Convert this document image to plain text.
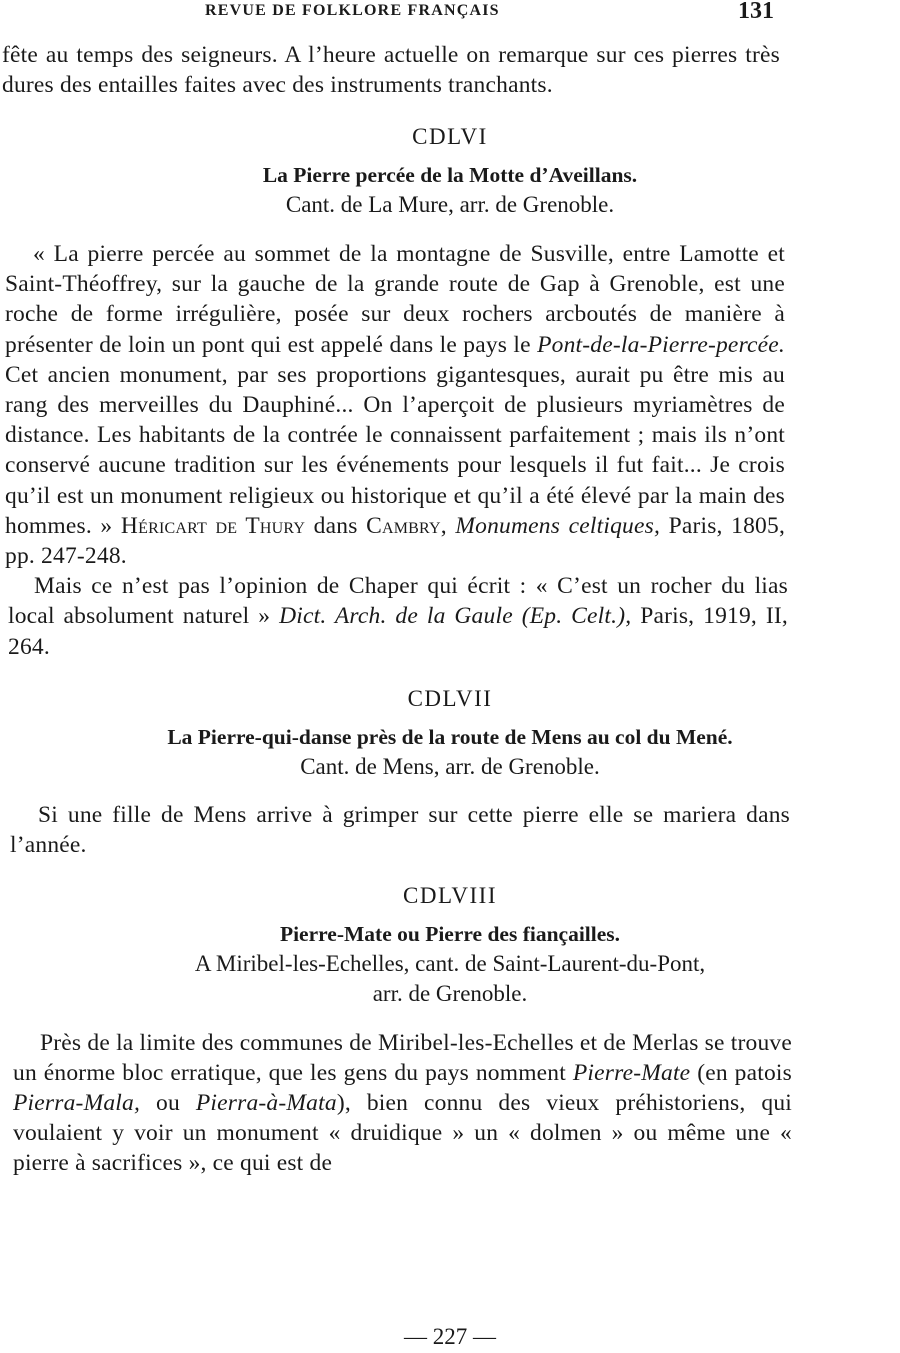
REVUE DE FOLKLORE FRANÇAIS	131

fête au temps des seigneurs. A l’heure actuelle on remarque sur ces pierres très dures des entailles faites avec des instruments tranchants.

CDLVI

La Pierre percée de la Motte d’Aveillans.

Cant. de La Mure, arr. de Grenoble.

« La pierre percée au sommet de la montagne de Susville, entre Lamotte et Saint-Théoffrey, sur la gauche de la grande route de Gap à Grenoble, est une roche de forme irrégulière, posée sur deux rochers arcboutés de manière à présenter de loin un pont qui est appelé dans le pays le Pont-de-la-Pierre-percée. Cet ancien monument, par ses proportions gigantesques, aurait pu être mis au rang des merveilles du Dauphiné... On l’aperçoit de plusieurs myriamètres de distance. Les habitants de la contrée le connaissent parfaitement ; mais ils n’ont conservé aucune tradition sur les événements pour lesquels il fut fait... Je crois qu’il est un monument religieux ou historique et qu’il a été élevé par la main des hommes. » Héricart de Thury dans Cambry, Monumens celtiques, Paris, 1805, pp. 247-248.

Mais ce n’est pas l’opinion de Chaper qui écrit : « C’est un rocher du lias local absolument naturel » Dict. Arch. de la Gaule (Ep. Celt.), Paris, 1919, II, 264.

CDLVII

La Pierre-qui-danse près de la route de Mens au col du Mené.

Cant. de Mens, arr. de Grenoble.

Si une fille de Mens arrive à grimper sur cette pierre elle se mariera dans l’année.

CDLVIII

Pierre-Mate ou Pierre des fiançailles.

A Miribel-les-Echelles, cant. de Saint-Laurent-du-Pont,

arr. de Grenoble.

Près de la limite des communes de Miribel-les-Echelles et de Merlas se trouve un énorme bloc erratique, que les gens du pays nomment Pierre-Mate (en patois Pierra-Mala, ou Pierra-à-Mata), bien connu des vieux préhistoriens, qui voulaient y voir un monument « druidique » un « dolmen » ou même une « pierre à sacrifices », ce qui est de

— 227 —
